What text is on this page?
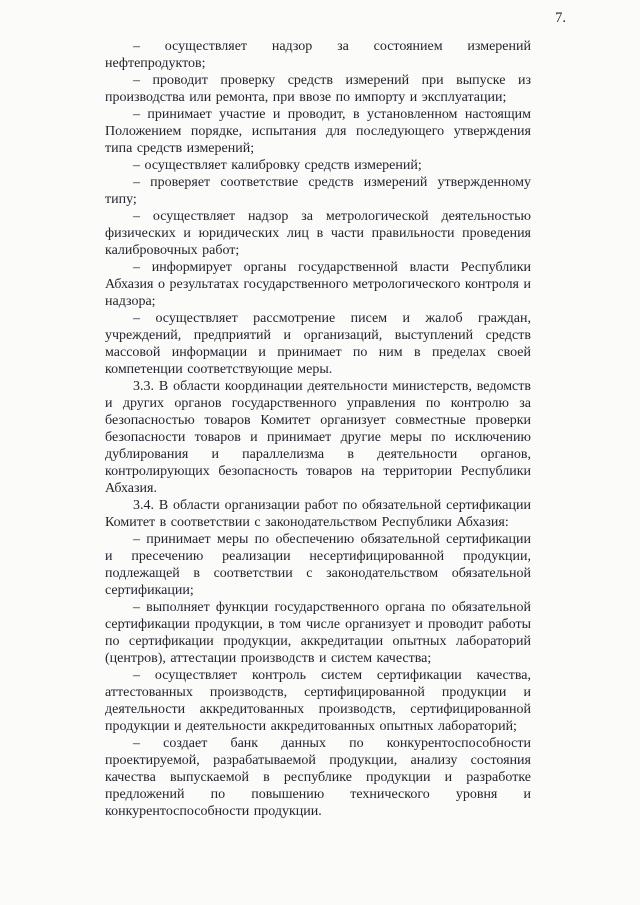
7.

– осуществляет надзор за состоянием измерений нефтепродуктов;

– проводит проверку средств измерений при выпуске из производства или ремонта, при ввозе по импорту и эксплуатации;

– принимает участие и проводит, в установленном настоящим Положением порядке, испытания для последующего утверждения типа средств измерений;

– осуществляет калибровку средств измерений;

– проверяет соответствие средств измерений утвержденному типу;

– осуществляет надзор за метрологической деятельностью физических и юридических лиц в части правильности проведения калибровочных работ;

– информирует органы государственной власти Республики Абхазия о результатах государственного метрологического контроля и надзора;

– осуществляет рассмотрение писем и жалоб граждан, учреждений, предприятий и организаций, выступлений средств массовой информации и принимает по ним в пределах своей компетенции соответствующие меры.

3.3. В области координации деятельности министерств, ведомств и других органов государственного управления по контролю за безопасностью товаров Комитет организует совместные проверки безопасности товаров и принимает другие меры по исключению дублирования и параллелизма в деятельности органов, контролирующих безопасность товаров на территории Республики Абхазия.

3.4. В области организации работ по обязательной сертификации Комитет в соответствии с законодательством Республики Абхазия:

– принимает меры по обеспечению обязательной сертификации и пресечению реализации несертифицированной продукции, подлежащей в соответствии с законодательством обязательной сертификации;

– выполняет функции государственного органа по обязательной сертификации продукции, в том числе организует и проводит работы по сертификации продукции, аккредитации опытных лабораторий (центров), аттестации производств и систем качества;

– осуществляет контроль систем сертификации качества, аттестованных производств, сертифицированной продукции и деятельности аккредитованных производств, сертифицированной продукции и деятельности аккредитованных опытных лабораторий;

– создает банк данных по конкурентоспособности проектируемой, разрабатываемой продукции, анализу состояния качества выпускаемой в республике продукции и разработке предложений по повышению технического уровня и конкурентоспособности продукции.
